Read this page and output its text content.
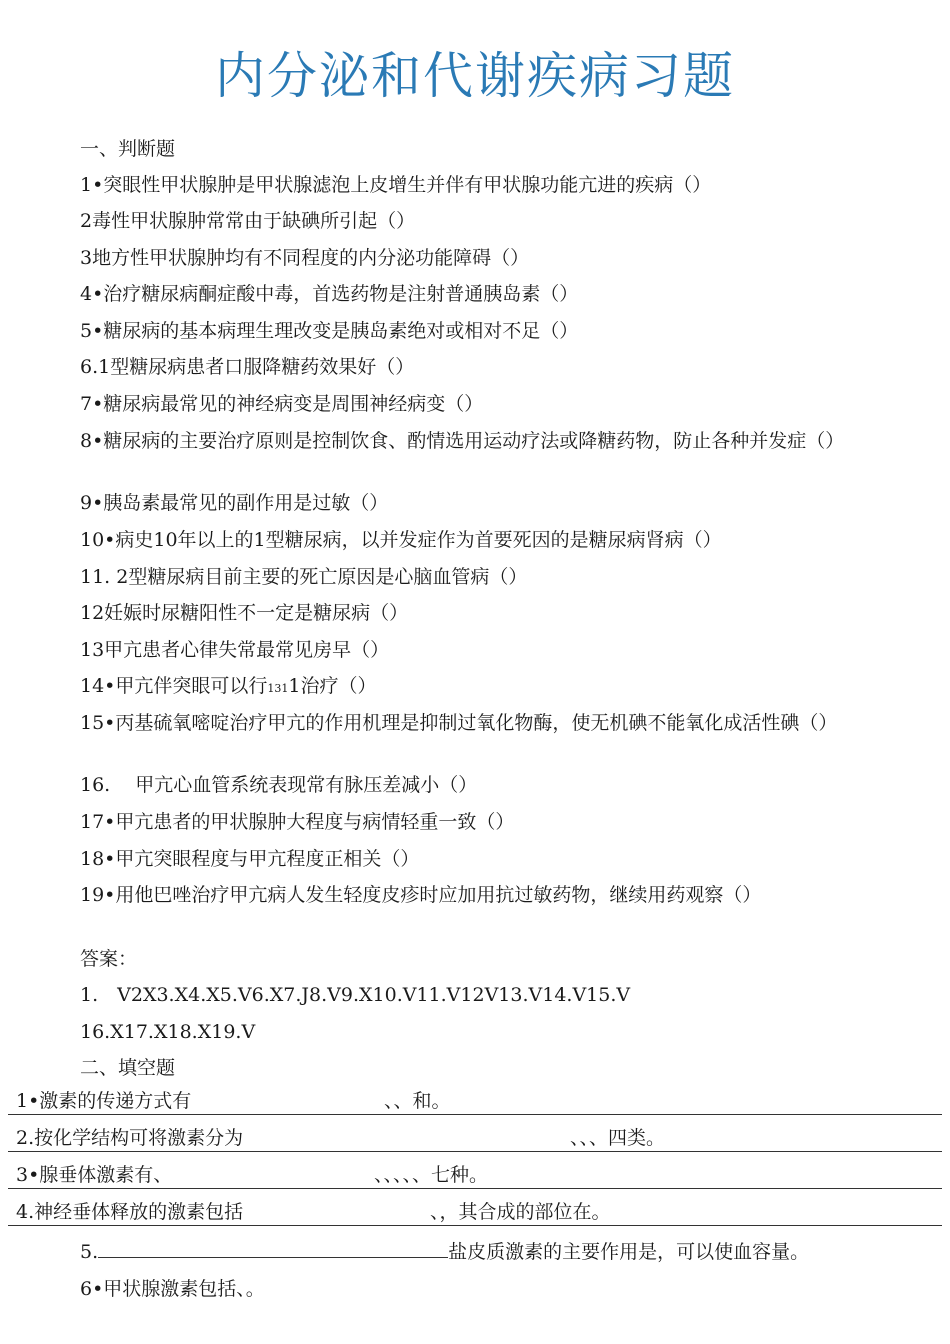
内分泌和代谢疾病习题
一、判断题
1•突眼性甲状腺肿是甲状腺滤泡上皮增生并伴有甲状腺功能亢进的疾病（）
2毒性甲状腺肿常常由于缺碘所引起（）
3地方性甲状腺肿均有不同程度的内分泌功能障碍（）
4•治疗糖尿病酮症酸中毒，首选药物是注射普通胰岛素（）
5•糖尿病的基本病理生理改变是胰岛素绝对或相对不足（）
6.1型糖尿病患者口服降糖药效果好（）
7•糖尿病最常见的神经病变是周围神经病变（）
8•糖尿病的主要治疗原则是控制饮食、酌情选用运动疗法或降糖药物，防止各种并发症（）
9•胰岛素最常见的副作用是过敏（）
10•病史10年以上的1型糖尿病，以并发症作为首要死因的是糖尿病肾病（）
11. 2型糖尿病目前主要的死亡原因是心脑血管病（）
12妊娠时尿糖阳性不一定是糖尿病（）
13甲亢患者心律失常最常见房早（）
14•甲亢伴突眼可以行1311治疗（）
15•丙基硫氧嘧啶治疗甲亢的作用机理是抑制过氧化物酶，使无机碘不能氧化成活性碘（）
16.　 甲亢心血管系统表现常有脉压差减小（）
17•甲亢患者的甲状腺肿大程度与病情轻重一致（）
18•甲亢突眼程度与甲亢程度正相关（）
19•用他巴唑治疗甲亢病人发生轻度皮疹时应加用抗过敏药物，继续用药观察（）
答案：
1.　V2X3.X4.X5.V6.X7.J8.V9.X10.V11.V12V13.V14.V15.V
16.X17.X18.X19.V
二、填空题
1•激素的传递方式有	、、和。
2.按化学结构可将激素分为	、、、四类。
3•腺垂体激素有、	、、、、、七种。
4.神经垂体释放的激素包括	、，其合成的部位在。
5.	盐皮质激素的主要作用是，可以使血容量。
6•甲状腺激素包括、。
